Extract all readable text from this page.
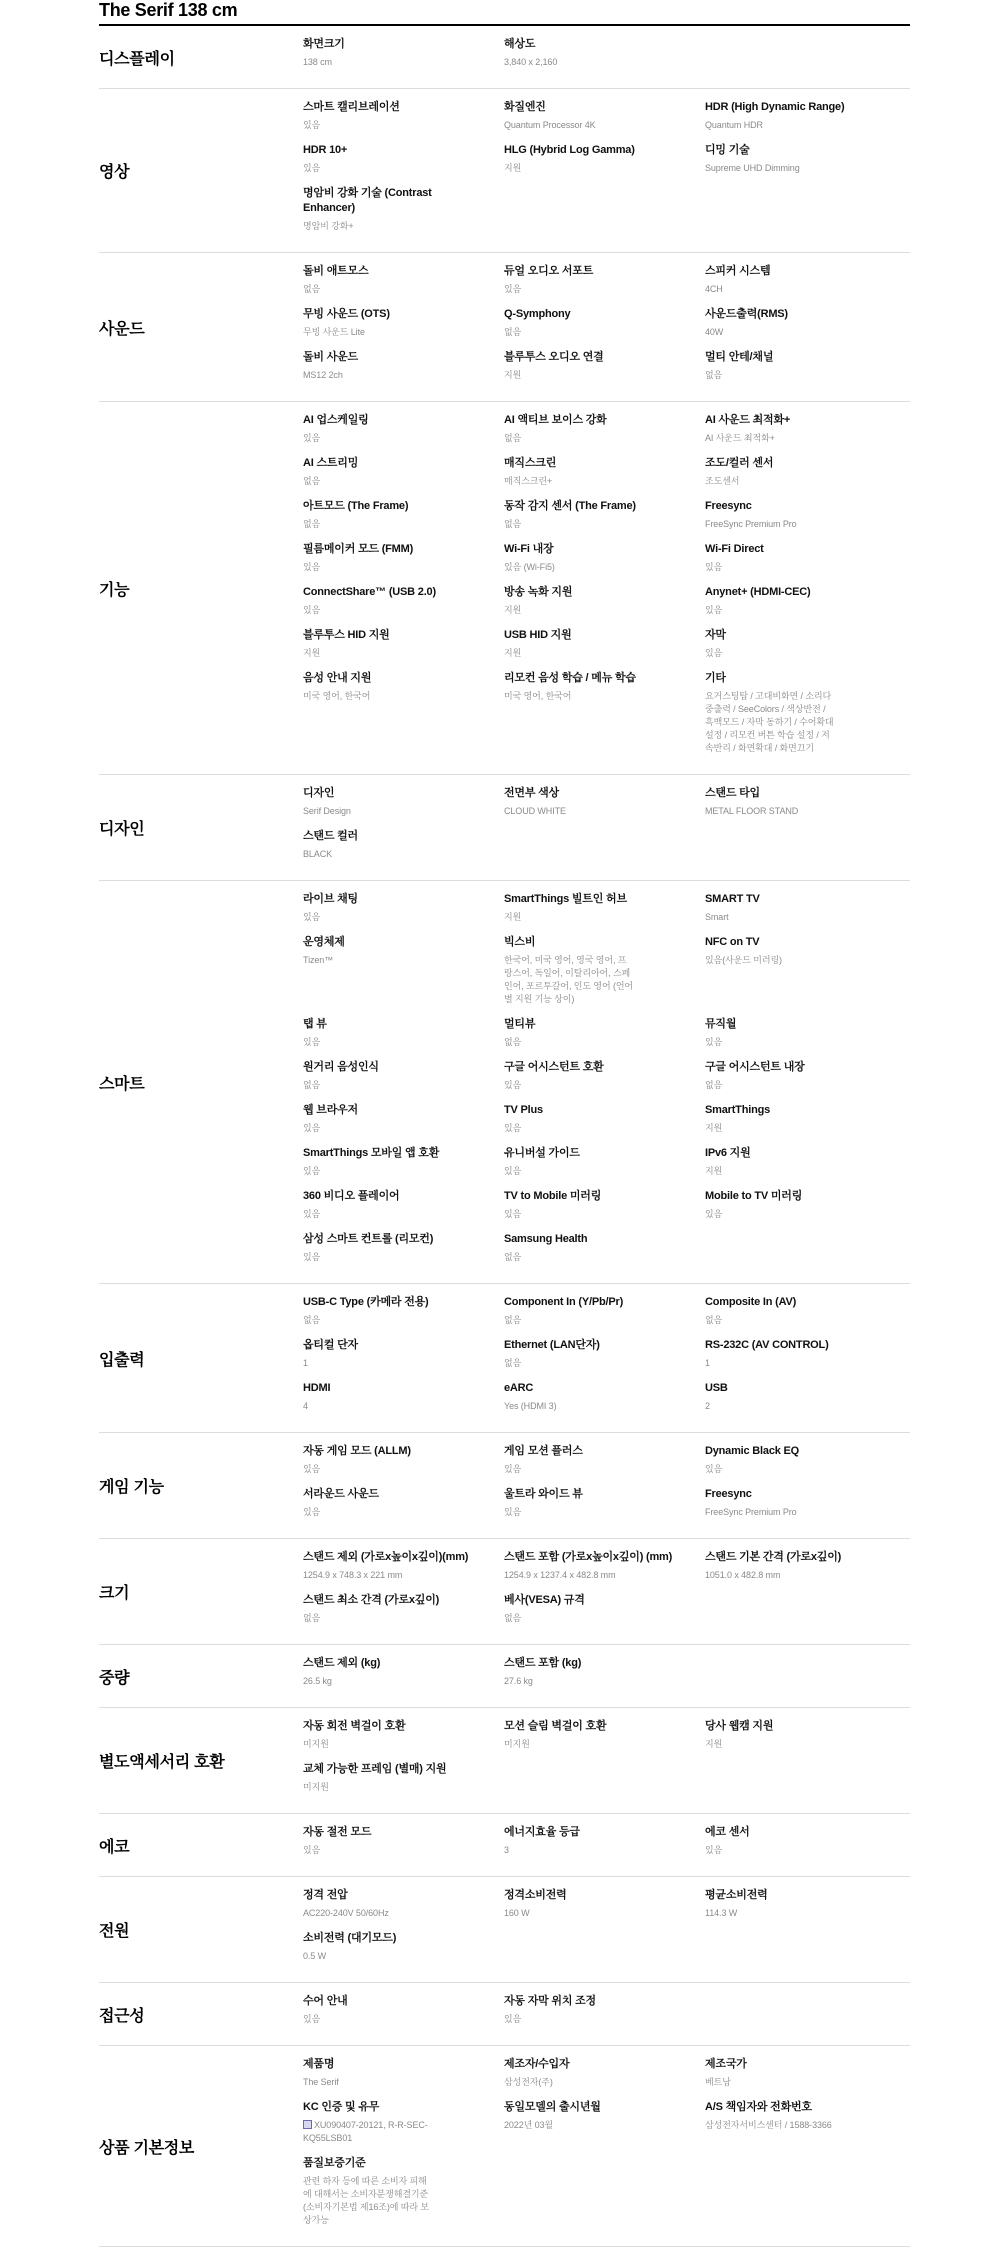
The Serif 138 cm
디스플레이
화면크기
138 cm
해상도
3,840 x 2,160
영상
스마트 캘리브레이션
있음
화질엔진
Quantum Processor 4K
HDR (High Dynamic Range)
Quantum HDR
HDR 10+
있음
HLG (Hybrid Log Gamma)
지원
디밍 기술
Supreme UHD Dimming
명암비 강화 기술 (Contrast Enhancer)
명암비 강화+
사운드
돌비 애트모스
없음
듀얼 오디오 서포트
있음
스피커 시스템
4CH
무빙 사운드 (OTS)
무빙 사운드 Lite
Q-Symphony
없음
사운드출력(RMS)
40W
돌비 사운드
MS12 2ch
블루투스 오디오 연결
지원
멀티 안테/채널
없음
기능
AI 업스케일링
있음
AI 액티브 보이스 강화
없음
AI 사운드 최적화+
AI 사운드 최적화+
AI 스트리밍
없음
매직스크린
매직스크린+
조도/컬러 센서
조도센서
아트모드 (The Frame)
없음
동작 감지 센서 (The Frame)
없음
Freesync
FreeSync Premium Pro
필름메이커 모드 (FMM)
있음
Wi-Fi 내장
있음 (Wi-Fi5)
Wi-Fi Direct
있음
ConnectShare™ (USB 2.0)
있음
방송 녹화 지원
지원
Anynet+ (HDMI-CEC)
있음
블루투스 HID 지원
지원
USB HID 지원
지원
자막
있음
음성 안내 지원
미국 영어, 한국어
리모컨 음성 학습 / 메뉴 학습
미국 영어, 한국어
기타
요거스팅탑 / 고대비화면 / 소리다중출력 / SeeColors / 색상반전 / 흑백모드 / 자막 동하기 / 수어확대 설정 / 리모컨 버튼 학습 설정 / 저속반리 / 화면확대 / 화면끄기
디자인
디자인
Serif Design
전면부 색상
CLOUD WHITE
스탠드 타입
METAL FLOOR STAND
스탠드 컬러
BLACK
스마트
라이브 채팅
있음
SmartThings 빌트인 허브
지원
SMART TV
Smart
운영체제
Tizen™
빅스비
한국어, 미국 영어, 영국 영어, 프랑스어, 독일어, 이탈리아어, 스페인어, 포르투갈어, 인도 영어 (언어별 지원 기능 상이)
NFC on TV
있음(사운드 미러링)
탭 뷰
있음
멀티뷰
없음
뮤직월
있음
원거리 음성인식
없음
구글 어시스턴트 호환
있음
구글 어시스턴트 내장
없음
웹 브라우저
있음
TV Plus
있음
SmartThings
지원
SmartThings 모바일 앱 호환
있음
유니버설 가이드
있음
IPv6 지원
지원
360 비디오 플레이어
있음
TV to Mobile 미러링
있음
Mobile to TV 미러링
있음
삼성 스마트 컨트롤 (리모컨)
있음
Samsung Health
없음
입출력
USB-C Type (카메라 전용)
없음
Component In (Y/Pb/Pr)
없음
Composite In (AV)
없음
옵티컬 단자
1
Ethernet (LAN단자)
없음
RS-232C (AV CONTROL)
1
HDMI
4
eARC
Yes (HDMI 3)
USB
2
게임 기능
자동 게임 모드 (ALLM)
있음
게임 모션 플러스
있음
Dynamic Black EQ
있음
서라운드 사운드
있음
울트라 와이드 뷰
있음
Freesync
FreeSync Premium Pro
크기
스탠드 제외 (가로x높이x깊이)(mm)
1254.9 x 748.3 x 221 mm
스탠드 포함 (가로x높이x깊이) (mm)
1254.9 x 1237.4 x 482.8 mm
스탠드 기본 간격 (가로x깊이)
1051.0 x 482.8 mm
스탠드 최소 간격 (가로x깊이)
없음
베사(VESA) 규격
없음
중량
스탠드 제외 (kg)
26.5 kg
스탠드 포함 (kg)
27.6 kg
별도액세서리 호환
자동 회전 벽걸이 호환
미지원
모션 슬림 벽걸이 호환
미지원
당사 웹캠 지원
지원
교체 가능한 프레임 (별매) 지원
미지원
에코
자동 절전 모드
있음
에너지효율 등급
3
에코 센서
있음
전원
정격 전압
AC220-240V 50/60Hz
정격소비전력
160 W
평균소비전력
114.3 W
소비전력 (대기모드)
0.5 W
접근성
수어 안내
있음
자동 자막 위치 조정
있음
상품 기본정보
제품명
The Serif
제조자/수입자
삼성전자(주)
제조국가
베트남
KC 인증 및 유무
XU090407-20121, R-R-SEC-KQ55LSB01
동일모델의 출시년월
2022년 03월
A/S 책임자와 전화번호
삼성전자서비스센터 / 1588-3366
품질보증기준
관련 하자 등에 따른 소비자 피해에 대해서는 소비자분쟁해결기준(소비자기본법 제16조)에 따라 보상가능
